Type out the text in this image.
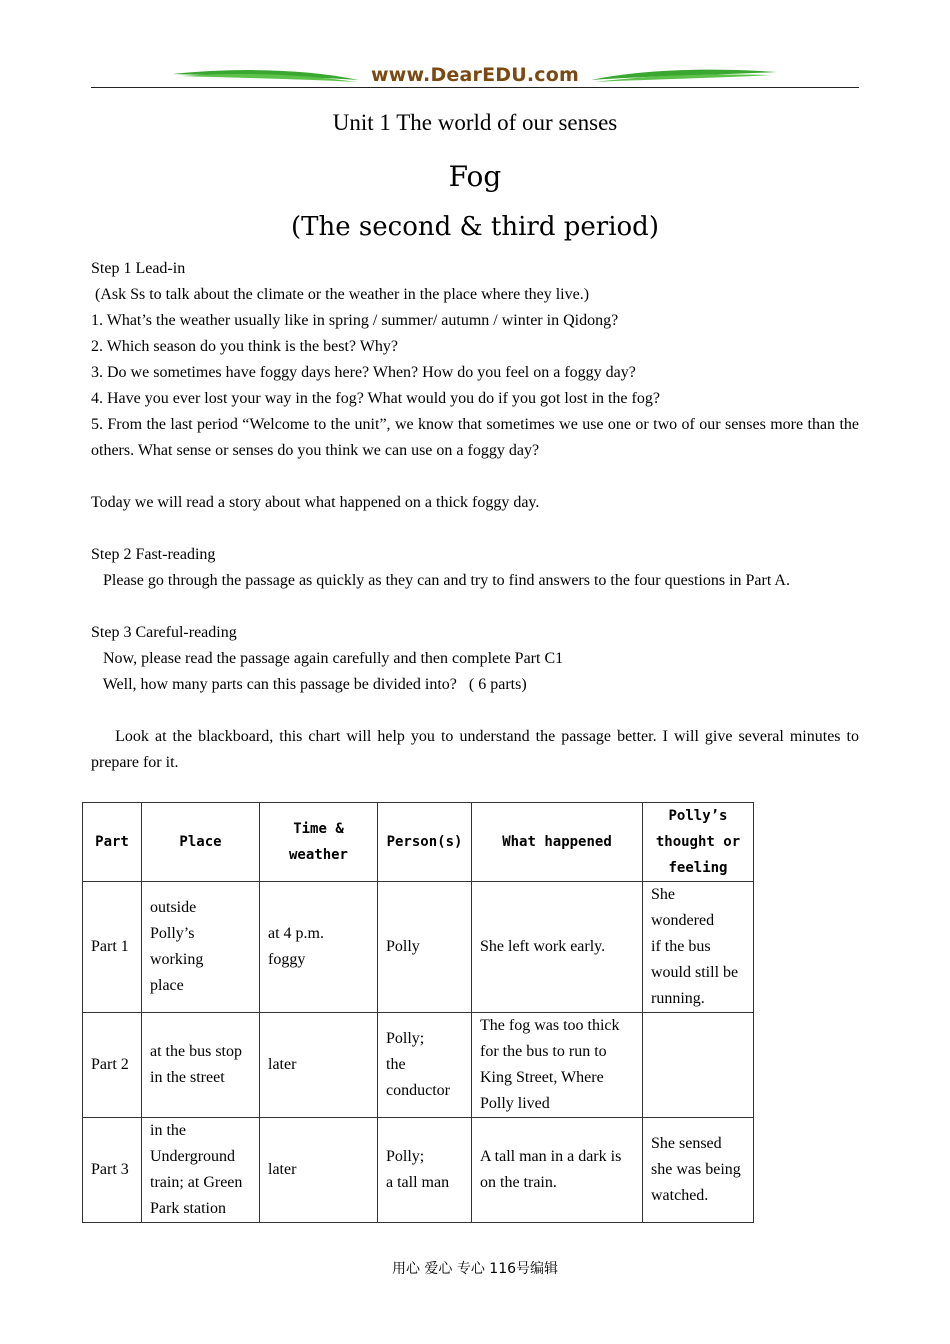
www.DearEDU.com
Unit 1 The world of our senses
Fog
(The second & third period)

Step 1 Lead-in

(Ask Ss to talk about the climate or the weather in the place where they live.)

1. What’s the weather usually like in spring / summer/ autumn / winter in Qidong?

2. Which season do you think is the best? Why?

3. Do we sometimes have foggy days here? When? How do you feel on a foggy day?

4. Have you ever lost your way in the fog? What would you do if you got lost in the fog?

5. From the last period “Welcome to the unit”, we know that sometimes we use one or two of our senses more than the others. What sense or senses do you think we can use on a foggy day?

Today we will read a story about what happened on a thick foggy day.

Step 2 Fast-reading

Please go through the passage as quickly as they can and try to find answers to the four questions in Part A.

Step 3 Careful-reading

Now, please read the passage again carefully and then complete Part C1

Well, how many parts can this passage be divided into?   ( 6 parts)

Look at the blackboard, this chart will help you to understand the passage better. I will give several minutes to prepare for it.

Part	Place	Time & weather	Person(s)	What happened	Polly’s thought or feeling
Part 1	outside
Polly’s
working
place	at 4 p.m.
foggy	Polly	She left work early.	She
wondered
if the bus
would still be
running.
Part 2	at the bus stop
in the street	later	Polly;
the
conductor	The fog was too thick for the bus to run to King Street, Where Polly lived	
Part 3	in the
Underground
train; at Green
Park station	later	Polly;
a tall man	A tall man in a dark is on the train.	She sensed
she was being
watched.
用心 爱心 专心 116号编辑
